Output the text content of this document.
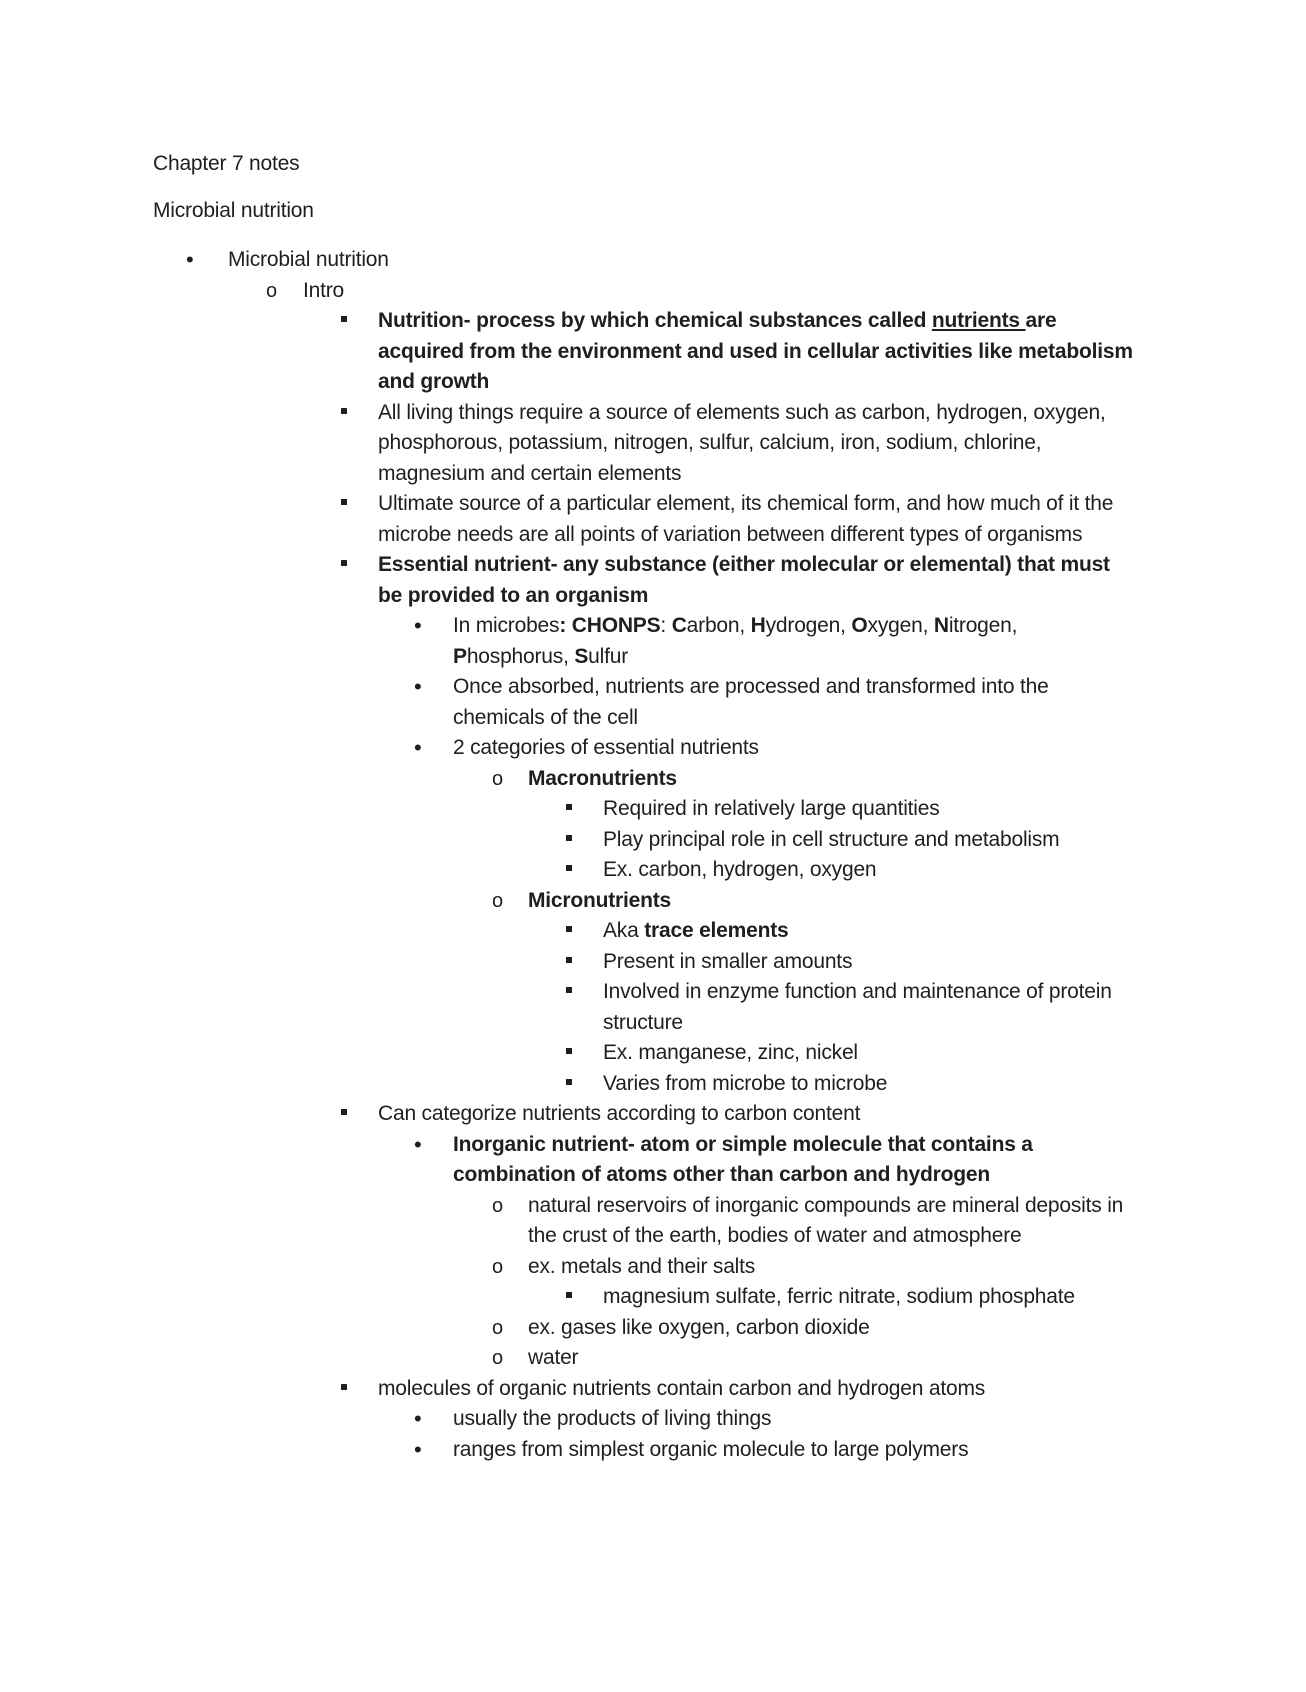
Chapter 7 notes
Microbial nutrition
•
Microbial nutrition
o
Intro
Nutrition- process by which chemical substances called nutrients are acquired from the environment and used in cellular activities like metabolism and growth
All living things require a source of elements such as carbon, hydrogen, oxygen, phosphorous, potassium, nitrogen, sulfur, calcium, iron, sodium, chlorine, magnesium and certain elements
Ultimate source of a particular element, its chemical form, and how much of it the microbe needs are all points of variation between different types of organisms
Essential nutrient- any substance (either molecular or elemental) that must be provided to an organism
•
In microbes: CHONPS: Carbon, Hydrogen, Oxygen, Nitrogen, Phosphorus, Sulfur
•
Once absorbed, nutrients are processed and transformed into the chemicals of the cell
•
2 categories of essential nutrients
o
Macronutrients
Required in relatively large quantities
Play principal role in cell structure and metabolism
Ex. carbon, hydrogen, oxygen
o
Micronutrients
Aka trace elements
Present in smaller amounts
Involved in enzyme function and maintenance of protein structure
Ex. manganese, zinc, nickel
Varies from microbe to microbe
Can categorize nutrients according to carbon content
•
Inorganic nutrient- atom or simple molecule that contains a combination of atoms other than carbon and hydrogen
o
natural reservoirs of inorganic compounds are mineral deposits in the crust of the earth, bodies of water and atmosphere
o
ex. metals and their salts
magnesium sulfate, ferric nitrate, sodium phosphate
o
ex. gases like oxygen, carbon dioxide
o
water
molecules of organic nutrients contain carbon and hydrogen atoms
•
usually the products of living things
•
ranges from simplest organic molecule to large polymers
